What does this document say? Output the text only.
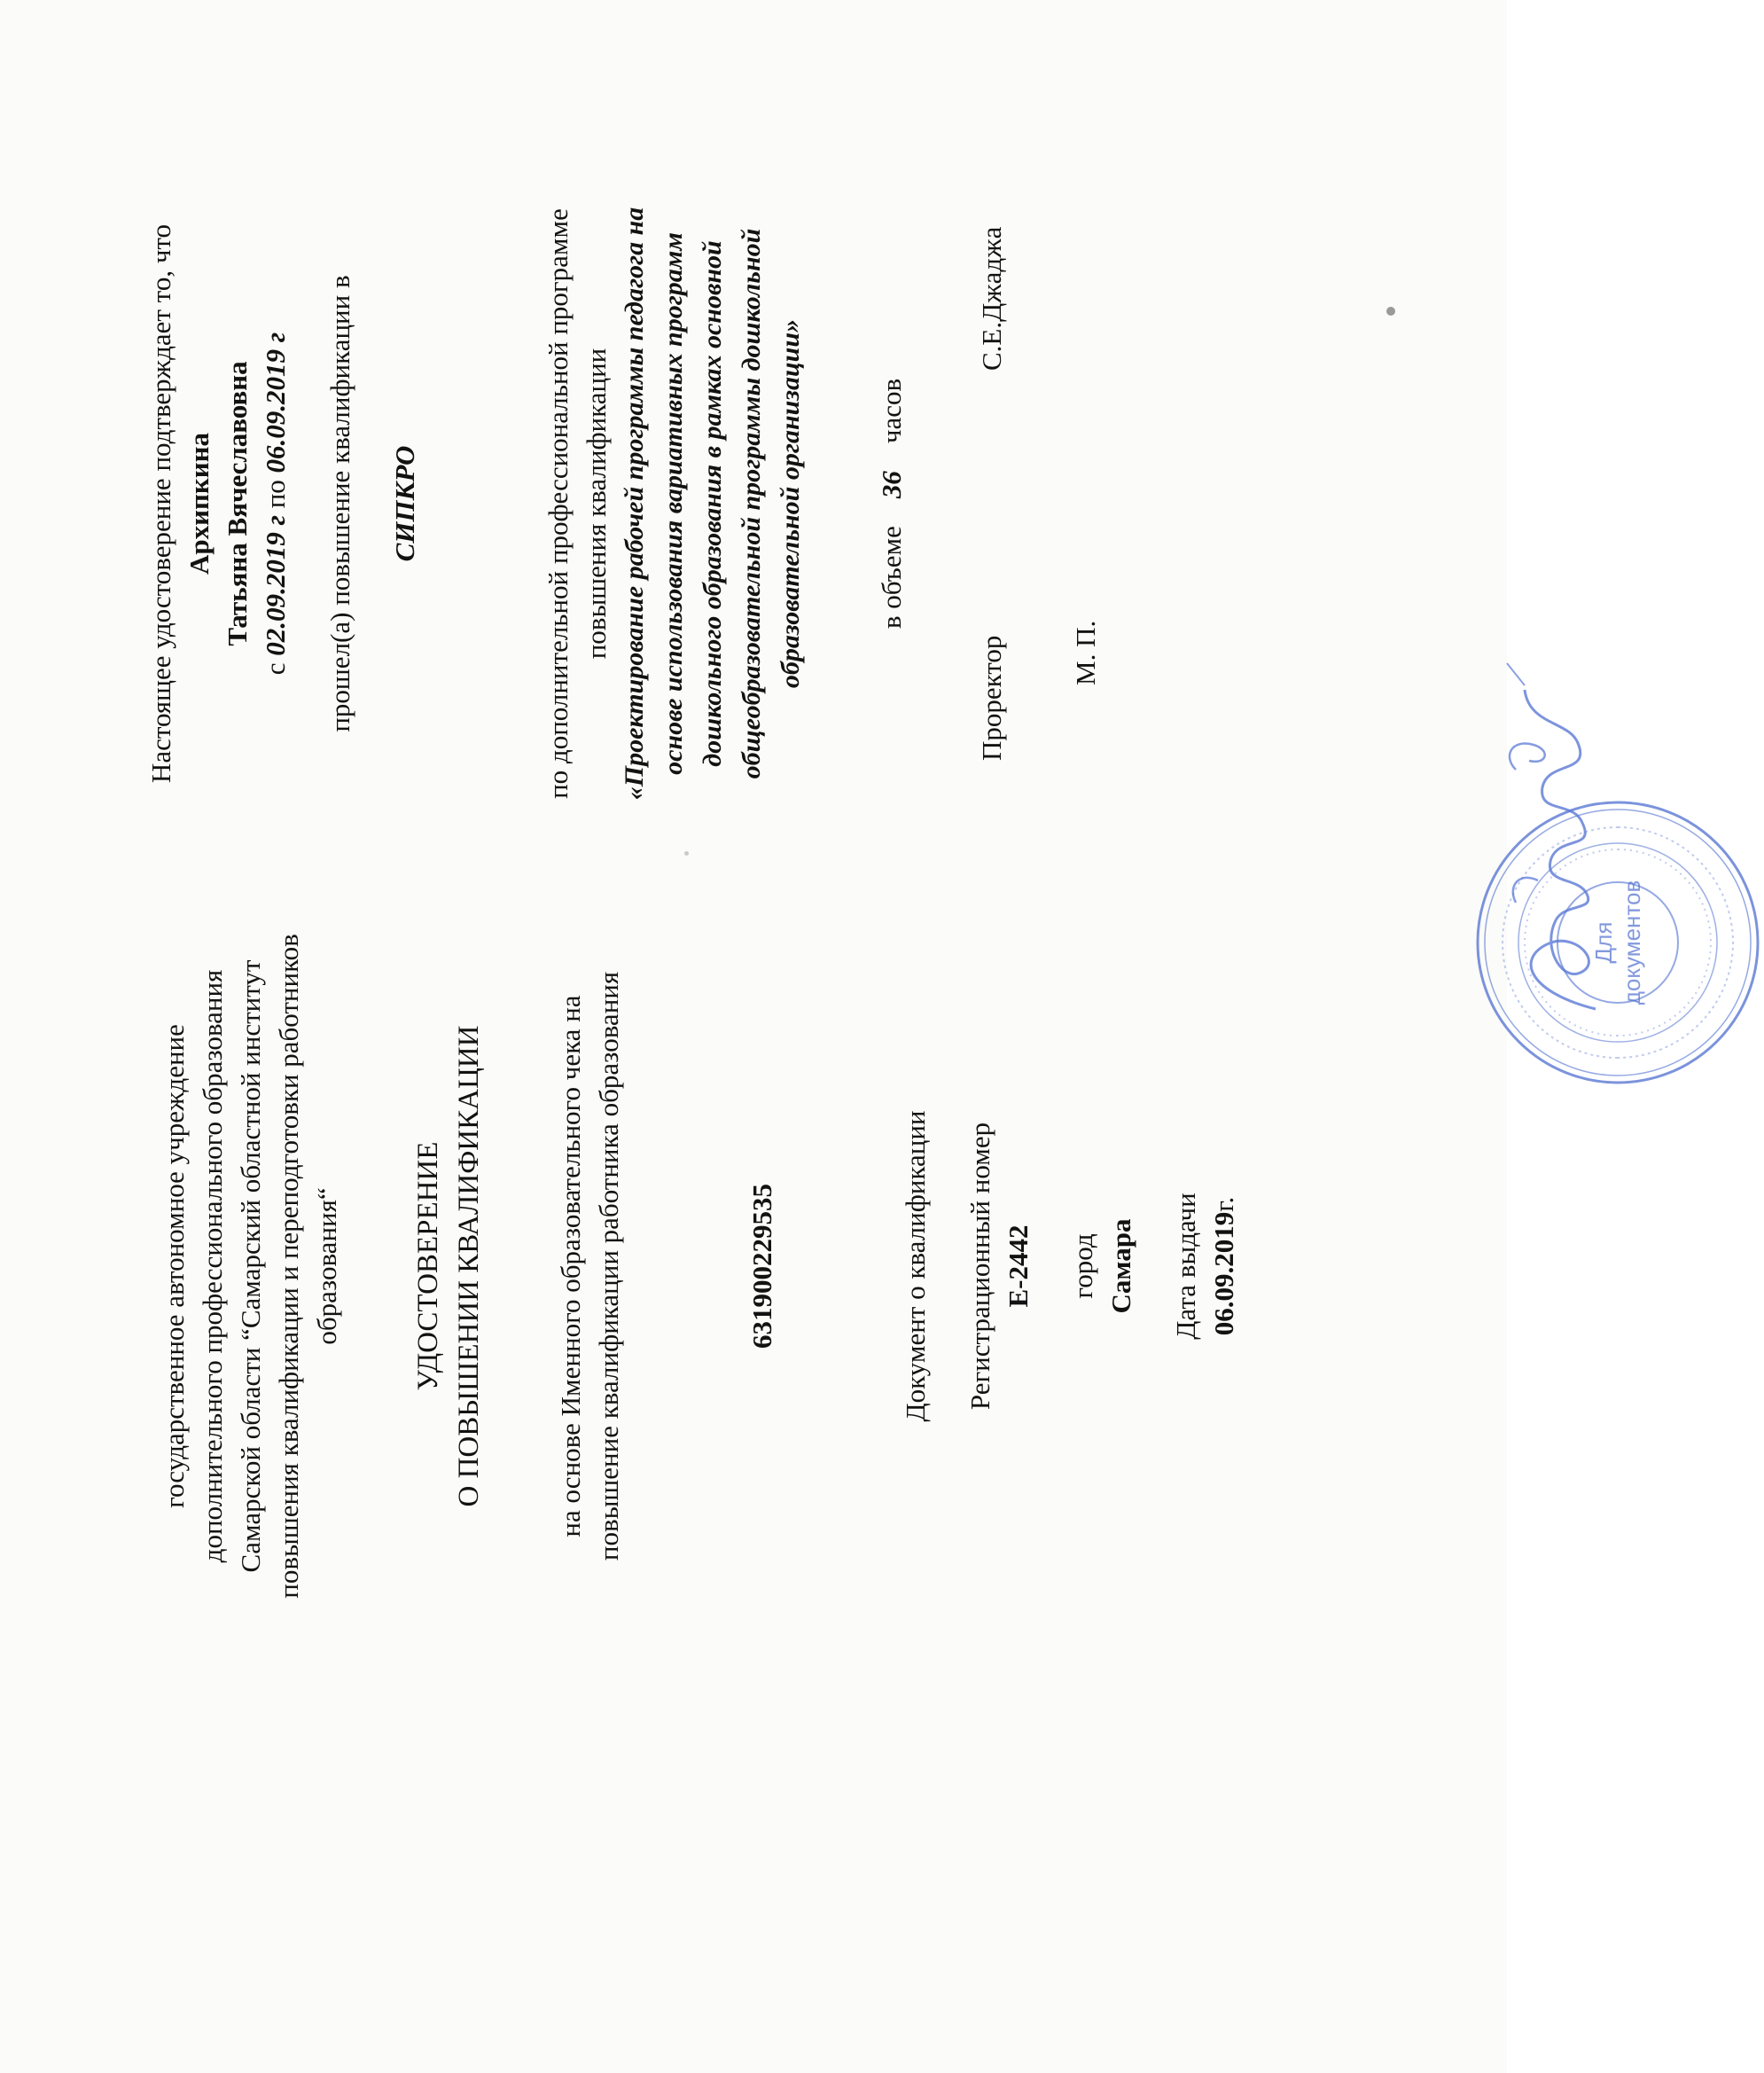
государственное автономное учреждение дополнительного профессионального образования Самарской области “Самарский областной институт повышения квалификации и переподготовки работников образования“ УДОСТОВЕРЕНИЕ О ПОВЫШЕНИИ КВАЛИФИКАЦИИ	на основе Именного образовательного чека на повышение квалификации работника образования	631900229535	Документ о квалификации Регистрационный номер Е-2442 город Самара Дата выдачи 06.09.2019г.
Настоящее удостоверение подтверждает то, что Архипкина Татьяна Вячеславовна
с 02.09.2019 г по 06.09.2019 г прошел(а) повышение квалификации в СИПКРО	по дополнительной профессиональной программе повышения квалификации «Проектирование рабочей программы педагога на основе использования вариативных программ дошкольного образования в рамках основной общеобразовательной программы дошкольной образовательной организации»	в объеме    36    часов
Проректор
С.Е.Джаджа
М. П.
Для документов
